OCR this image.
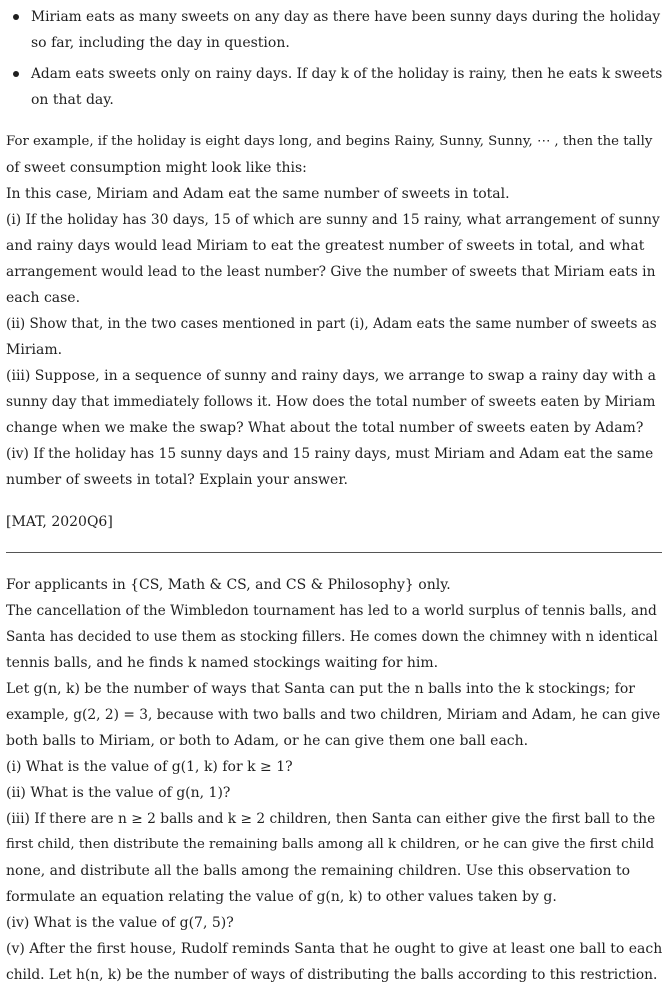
Miriam eats as many sweets on any day as there have been sunny days during the holiday
so far, including the day in question.
Adam eats sweets only on rainy days. If day k of the holiday is rainy, then he eats k sweets
on that day.
For example, if the holiday is eight days long, and begins Rainy, Sunny, Sunny, ⋯ , then the tally
of sweet consumption might look like this:
In this case, Miriam and Adam eat the same number of sweets in total.
(i) If the holiday has 30 days, 15 of which are sunny and 15 rainy, what arrangement of sunny
and rainy days would lead Miriam to eat the greatest number of sweets in total, and what
arrangement would lead to the least number? Give the number of sweets that Miriam eats in
each case.
(ii) Show that, in the two cases mentioned in part (i), Adam eats the same number of sweets as
Miriam.
(iii) Suppose, in a sequence of sunny and rainy days, we arrange to swap a rainy day with a
sunny day that immediately follows it. How does the total number of sweets eaten by Miriam
change when we make the swap? What about the total number of sweets eaten by Adam?
(iv) If the holiday has 15 sunny days and 15 rainy days, must Miriam and Adam eat the same
number of sweets in total? Explain your answer.
[MAT, 2020Q6]
For applicants in {CS, Math & CS, and CS & Philosophy} only.
The cancellation of the Wimbledon tournament has led to a world surplus of tennis balls, and
Santa has decided to use them as stocking fillers. He comes down the chimney with n identical
tennis balls, and he finds k named stockings waiting for him.
Let g(n, k) be the number of ways that Santa can put the n balls into the k stockings; for
example, g(2, 2) = 3, because with two balls and two children, Miriam and Adam, he can give
both balls to Miriam, or both to Adam, or he can give them one ball each.
(i) What is the value of g(1, k) for k ≥ 1?
(ii) What is the value of g(n, 1)?
(iii) If there are n ≥ 2 balls and k ≥ 2 children, then Santa can either give the first ball to the
first child, then distribute the remaining balls among all k children, or he can give the first child
none, and distribute all the balls among the remaining children. Use this observation to
formulate an equation relating the value of g(n, k) to other values taken by g.
(iv) What is the value of g(7, 5)?
(v) After the first house, Rudolf reminds Santa that he ought to give at least one ball to each
child. Let h(n, k) be the number of ways of distributing the balls according to this restriction.
